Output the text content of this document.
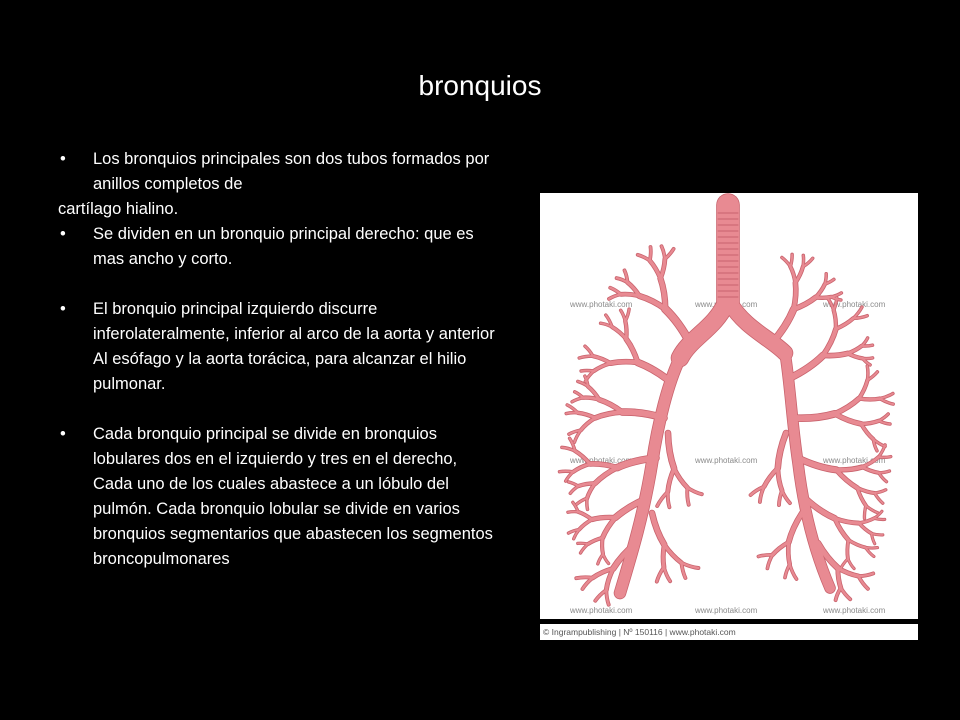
bronquios
• Los bronquios principales son dos tubos formados por anillos completos de
cartílago hialino.
• Se dividen en un bronquio principal derecho: que es mas ancho y corto.
• El bronquio principal izquierdo discurre inferolateralmente, inferior al arco de la aorta y anterior Al esófago y la aorta torácica, para alcanzar el hilio pulmonar.
• Cada bronquio principal se divide en bronquios lobulares dos en el izquierdo y tres en el derecho, Cada uno de los cuales abastece a un lóbulo del pulmón. Cada bronquio lobular se divide en varios bronquios segmentarios que abastecen los segmentos broncopulmonares
www.photaki.com	www.photaki.com	www.photaki.com
www.photaki.com	www.photaki.com	www.photaki.com
www.photaki.com	www.photaki.com	www.photaki.com
© Ingrampublishing | Nº 150116 | www.photaki.com
